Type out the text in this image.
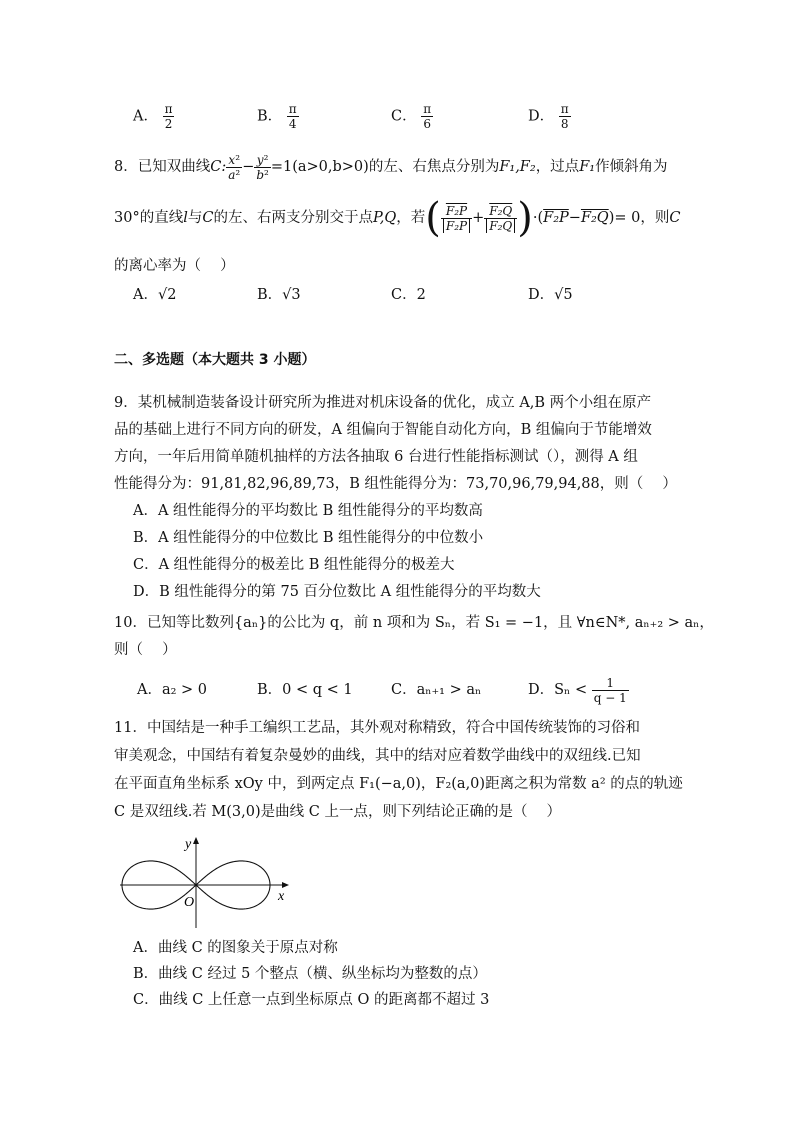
A． $\frac{\pi}{2}$	B． $\frac{\pi}{4}$	C． $\frac{\pi}{6}$	D． $\frac{\pi}{8}$
8．已知双曲线C: $\frac{\text{x²}}{\text{a²}} - \frac{\text{y²}}{\text{b²}} =1(a>0,b>0)$的左、右焦点分别为F₁,F₂，过点F₁作倾斜角为
30°的直线l与C的左、右两支分别交于点P,Q，若( $\frac{\text{F₂P}}{\text{F₂P}} + \frac{\text{F₂Q}}{\text{F₂Q}} )\cdot(F_2P-F_2Q)= 0$，则C
的离心率为（　 ）
A．√2	B．√3	C．2	D．√5
二、多选题（本大题共 3 小题）
9．某机械制造装备设计研究所为推进对机床设备的优化，成立 A,B 两个小组在原产
品的基础上进行不同方向的研发，A 组偏向于智能自动化方向，B 组偏向于节能增效
方向，一年后用简单随机抽样的方法各抽取 6 台进行性能指标测试（），测得 A 组
性能得分为：91,81,82,96,89,73，B 组性能得分为：73,70,96,79,94,88，则（　 ）
A．A 组性能得分的平均数比 B 组性能得分的平均数高
B．A 组性能得分的中位数比 B 组性能得分的中位数小
C．A 组性能得分的极差比 B 组性能得分的极差大
D．B 组性能得分的第 75 百分位数比 A 组性能得分的平均数大
10．已知等比数列{aₙ}的公比为 q，前 n 项和为 Sₙ，若 S₁ = −1，且 ∀n∈N*, aₙ₊₂ > aₙ，
则（　 ）
A．a₂ > 0	B．0 < q < 1	C．aₙ₊₁ > aₙ	D．$S_n < \frac{1}{q - 1}$
11．中国结是一种手工编织工艺品，其外观对称精致，符合中国传统装饰的习俗和
审美观念，中国结有着复杂曼妙的曲线，其中的结对应着数学曲线中的双纽线.已知
在平面直角坐标系 xOy 中，到两定点 F₁(−a,0)，F₂(a,0)距离之积为常数 a² 的点的轨迹
C 是双纽线.若 M(3,0)是曲线 C 上一点，则下列结论正确的是（　 ）
y
x
O
A．曲线 C 的图象关于原点对称
B．曲线 C 经过 5 个整点（横、纵坐标均为整数的点）
C．曲线 C 上任意一点到坐标原点 O 的距离都不超过 3
